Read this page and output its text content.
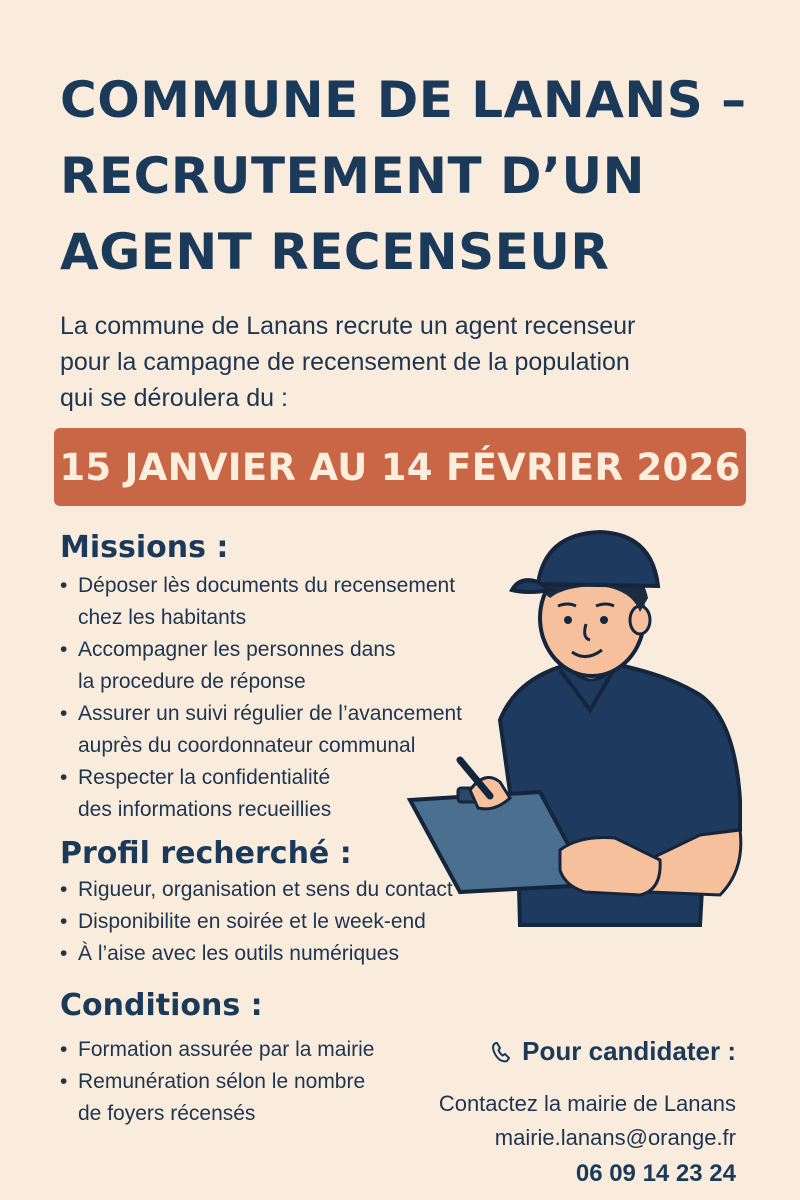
COMMUNE DE LANANS –
RECRUTEMENT D’UN
AGENT RECENSEUR

La commune de Lanans recrute un agent recenseur
pour la campagne de recensement de la population
qui se déroulera du :

15 JANVIER AU 14 FÉVRIER 2026
Missions :
• Déposer lès documents du recensement
chez les habitants
• Accompagner les personnes dans
la procedure de réponse
• Assurer un suivi régulier de l’avancement
auprès du coordonnateur communal
• Respecter la confidentialité
des informations recueillies
Profil recherché :
• Rigueur, organisation et sens du contact
• Disponibilite en soirée et le week-end
• À l’aise avec les outils numériques
Conditions :
• Formation assurée par la mairie
• Remunération sélon le nombre
de foyers récensés
Pour candidater :
Contactez la mairie de Lanans
mairie.lanans@orange.fr
06 09 14 23 24
